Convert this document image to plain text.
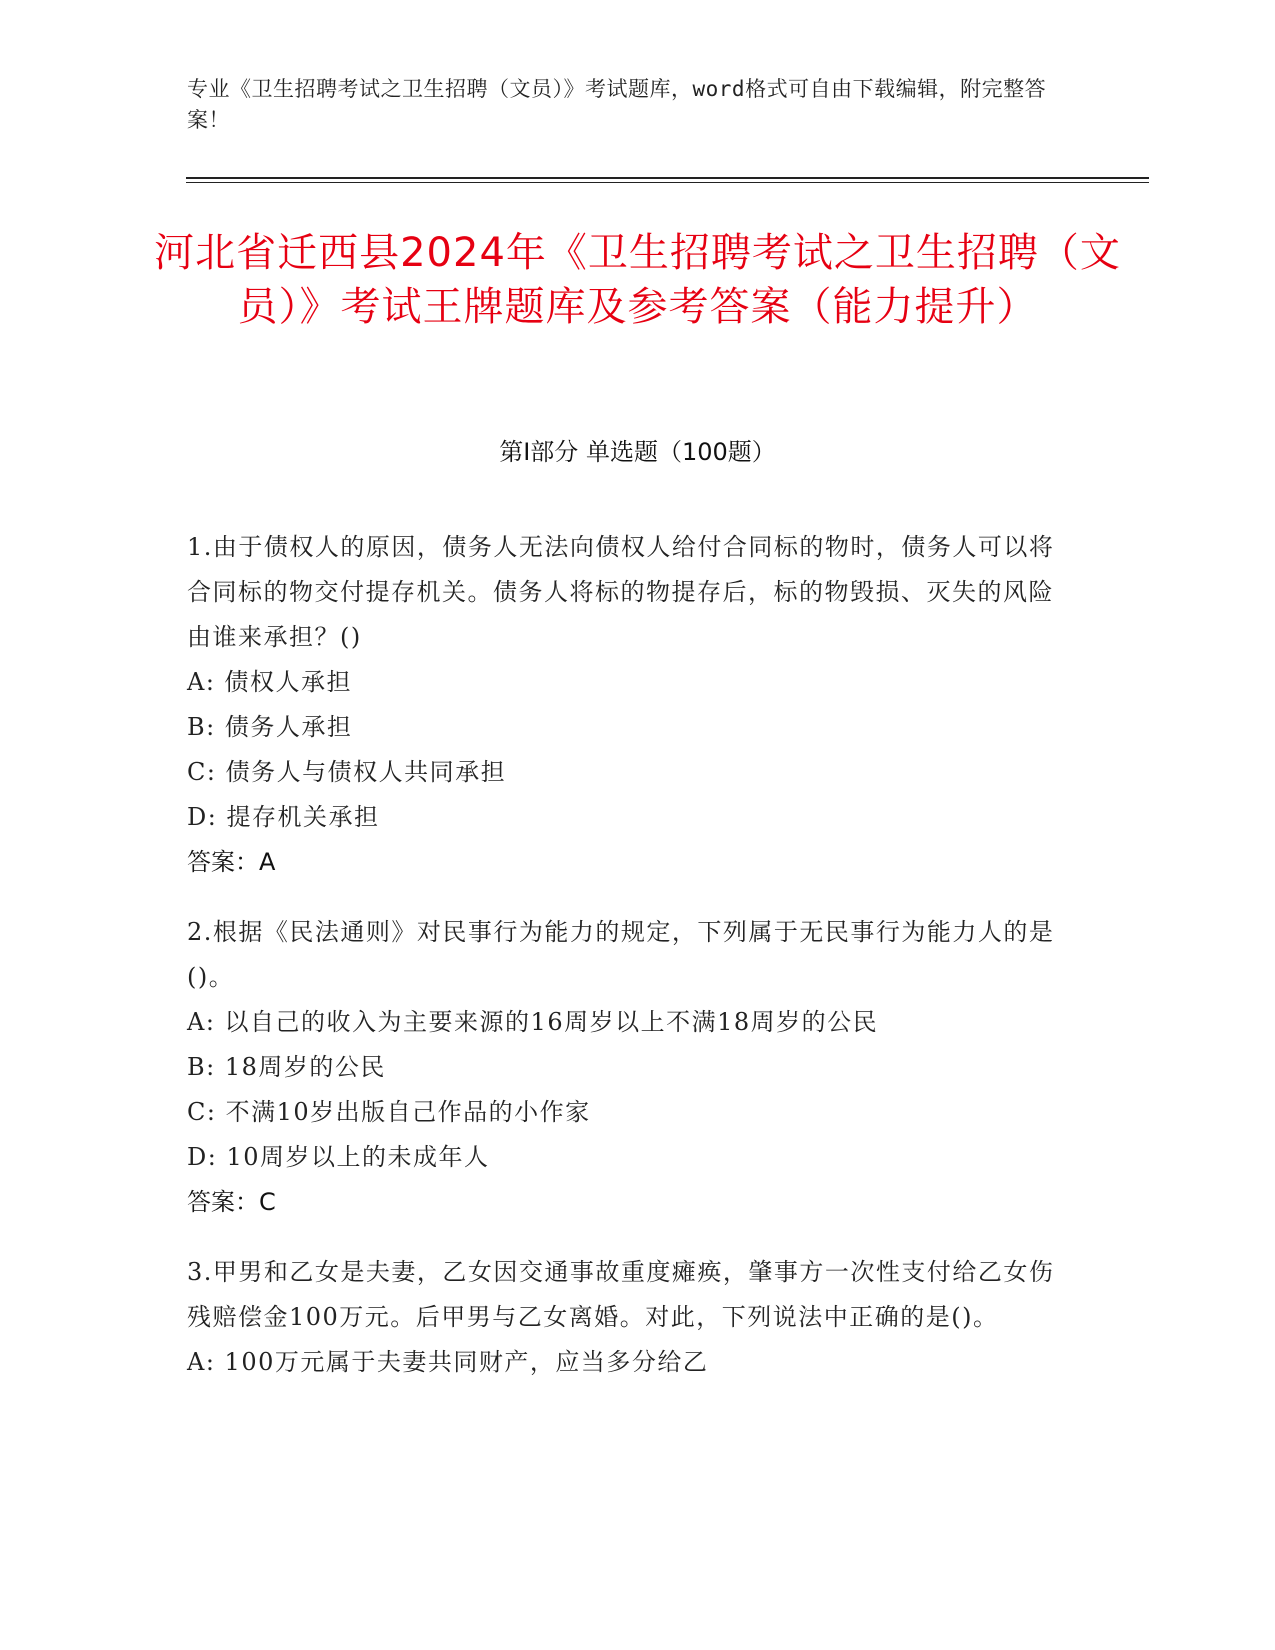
专业《卫生招聘考试之卫生招聘（文员）》考试题库，word格式可自由下载编辑，附完整答案！
河北省迁西县2024年《卫生招聘考试之卫生招聘（文员）》考试王牌题库及参考答案（能力提升）
第I部分 单选题（100题）

1.由于债权人的原因，债务人无法向债权人给付合同标的物时，债务人可以将合同标的物交付提存机关。债务人将标的物提存后，标的物毁损、灭失的风险由谁来承担？()

A: 债权人承担

B: 债务人承担

C: 债务人与债权人共同承担

D: 提存机关承担

答案：A

2.根据《民法通则》对民事行为能力的规定，下列属于无民事行为能力人的是()。

A: 以自己的收入为主要来源的16周岁以上不满18周岁的公民

B: 18周岁的公民

C: 不满10岁出版自己作品的小作家

D: 10周岁以上的未成年人

答案：C

3.甲男和乙女是夫妻，乙女因交通事故重度瘫痪，肇事方一次性支付给乙女伤残赔偿金100万元。后甲男与乙女离婚。对此，下列说法中正确的是()。

A: 100万元属于夫妻共同财产，应当多分给乙
